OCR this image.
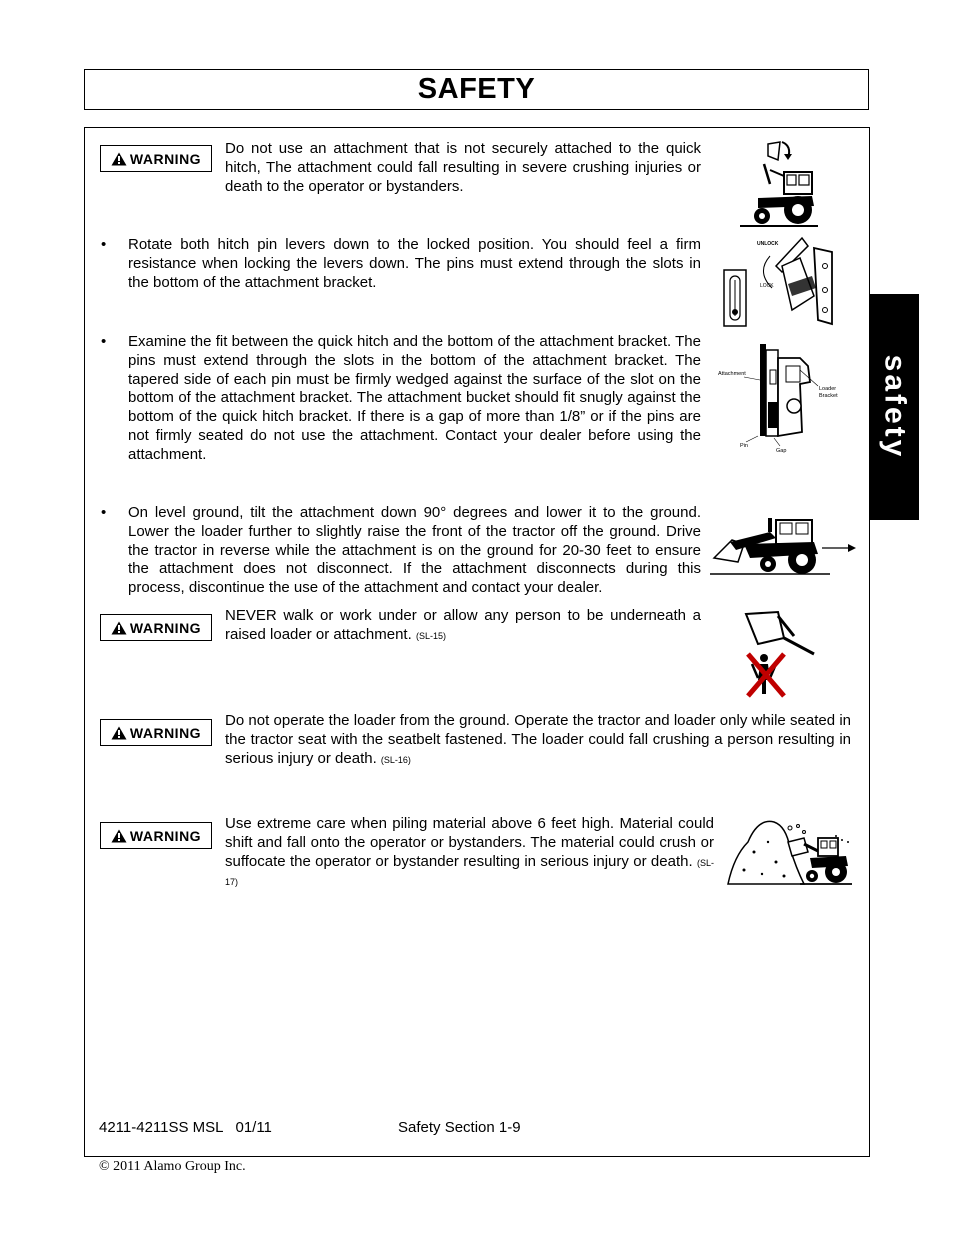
SAFETY
safety
WARNING

Do not use an attachment that is not securely attached to the quick hitch, The attachment could fall resulting in severe crushing injuries or death to the operator or bystanders.

• Rotate both hitch pin levers down to the locked position. You should feel a firm resistance when locking the levers down. The pins must extend through the slots in the bottom of the attachment bracket.

UNLOCK
LOCK
• Examine the fit between the quick hitch and the bottom of the attachment bracket. The pins must extend through the slots in the bottom of the attachment bracket. The tapered side of each pin must be firmly wedged against the surface of the slot on the bottom of the attachment bracket. The attachment bucket should fit snugly against the bottom of the quick hitch bracket. If there is a gap of more than 1/8” or if the pins are not firmly seated do not use the attachment. Contact your dealer before using the attachment.

Attachment
Loader
Bracket
Pin
Gap
• On level ground, tilt the attachment down 90° degrees and lower it to the ground. Lower the loader further to slightly raise the front of the tractor off the ground. Drive the tractor in reverse while the attachment is on the ground for 20-30 feet to ensure the attachment does not disconnect. If the attachment disconnects during this process, discontinue the use of the attachment and contact your dealer.

WARNING

NEVER walk or work under or allow any person to be underneath a raised loader or attachment. (SL-15)

WARNING

Do not operate the loader from the ground. Operate the tractor and loader only while seated in the tractor seat with the seatbelt fastened. The loader could fall crushing a person resulting in serious injury or death. (SL-16)

WARNING

Use extreme care when piling material above 6 feet high. Material could shift and fall onto the operator or bystanders. The material could crush or suffocate the operator or bystander resulting in serious injury or death. (SL-17)

4211-4211SS MSL   01/11	Safety Section 1-9
© 2011 Alamo Group Inc.
